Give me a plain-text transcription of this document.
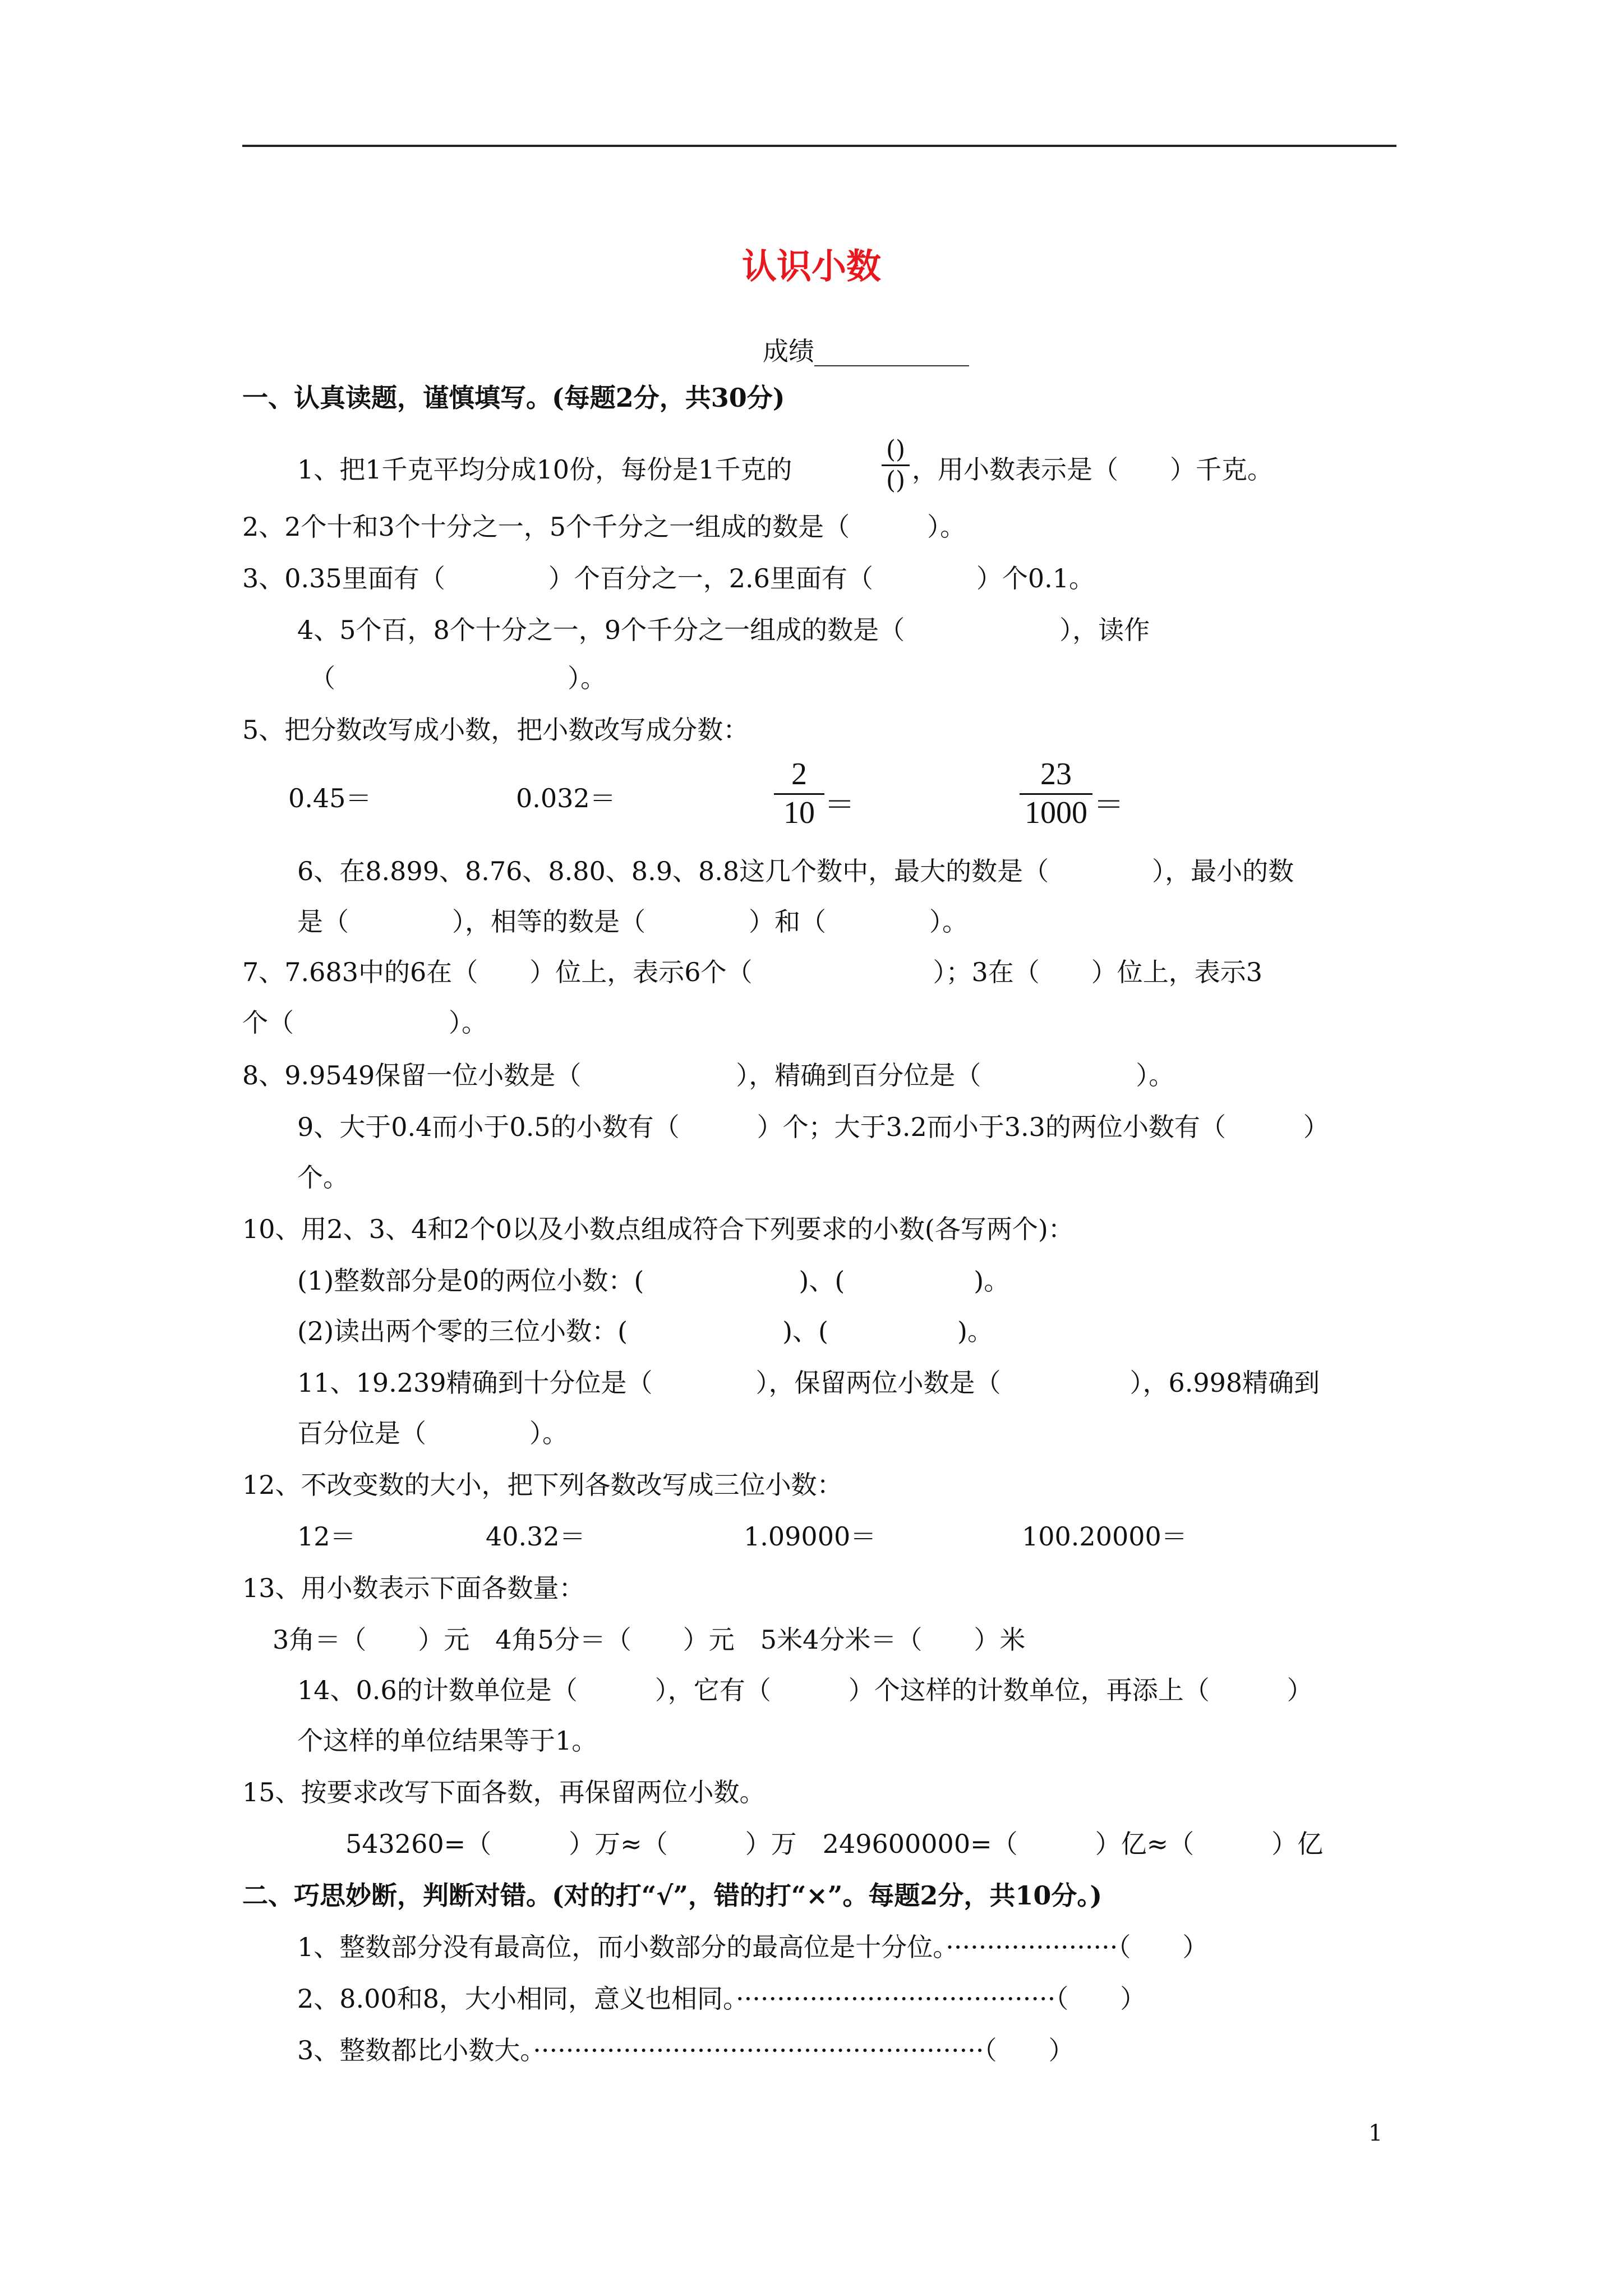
认识小数
成绩____________
一、认真读题，谨慎填写。(每题2分，共30分)
1、把1千克平均分成10份，每份是1千克的
()
() ，用小数表示是（　　）千克。
2、2个十和3个十分之一，5个千分之一组成的数是（　　　）。
3、0.35里面有（　　　　）个百分之一，2.6里面有（　　　　）个0.1。
4、5个百，8个十分之一，9个千分之一组成的数是（　　　　　　），读作
（　　　　　　　　　）。
5、把分数改写成小数，把小数改写成分数：
0.45＝	0.032＝
2
10 ＝
23
1000 ＝
6、在8.899、8.76、8.80、8.9、8.8这几个数中，最大的数是（　　　　），最小的数
是（　　　　），相等的数是（　　　　）和（　　　　）。
7、7.683中的6在（　　）位上，表示6个（　　　　　　　）；3在（　　）位上，表示3
个（　　　　　　）。
8、9.9549保留一位小数是（　　　　　　），精确到百分位是（　　　　　　）。
9、大于0.4而小于0.5的小数有（　　　）个；大于3.2而小于3.3的两位小数有（　　　）
个。
10、用2、3、4和2个0以及小数点组成符合下列要求的小数(各写两个)：
(1)整数部分是0的两位小数：(　　　　　　)、(　　　　　)。
(2)读出两个零的三位小数：(　　　　　　)、(　　　　　)。
11、19.239精确到十分位是（　　　　），保留两位小数是（　　　　　），6.998精确到
百分位是（　　　　）。
12、不改变数的大小，把下列各数改写成三位小数：
12＝	40.32＝	1.09000＝	100.20000＝
13、用小数表示下面各数量：
3角＝（　　）元　4角5分＝（　　）元　5米4分米＝（　　）米
14、0.6的计数单位是（　　　），它有（　　　）个这样的计数单位，再添上（　　　）
个这样的单位结果等于1。
15、按要求改写下面各数，再保留两位小数。
543260=（　　　）万≈（　　　）万　249600000=（　　　）亿≈（　　　）亿
二、巧思妙断，判断对错。(对的打“√”，错的打“×”。每题2分，共10分。)
1、整数部分没有最高位，而小数部分的最高位是十分位。·····················（　　）
2、8.00和8，大小相同，意义也相同。·······································（　　）
3、整数都比小数大。·······················································（　　）
1
